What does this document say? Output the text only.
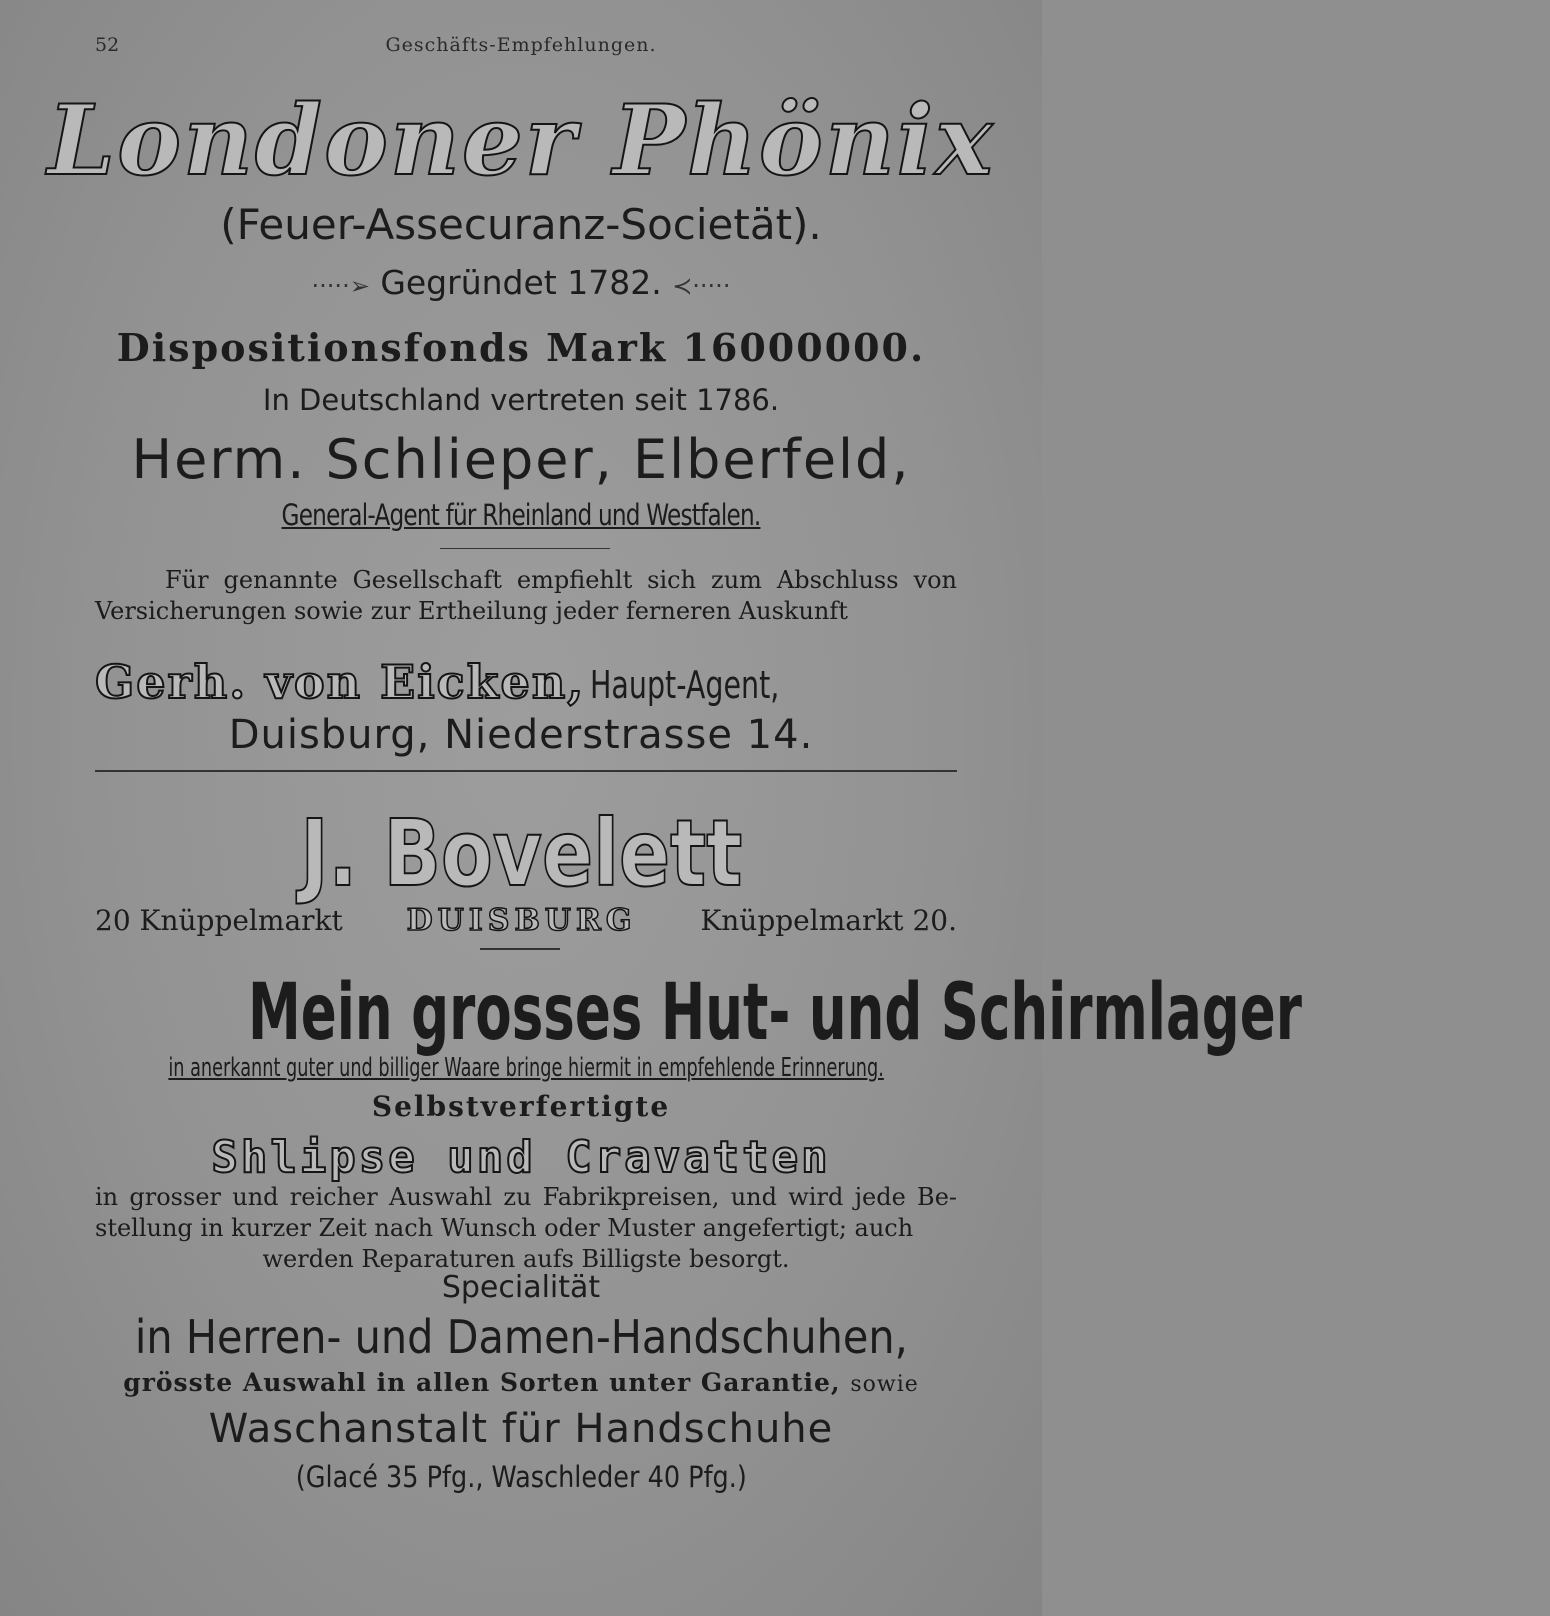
52	Geschäfts-Empfehlungen.
Londoner Phönix
(Feuer-Assecuranz-Societät).
·····➢ Gegründet 1782. ≺·····
Dispositionsfonds Mark 16000000.
In Deutschland vertreten seit 1786.
Herm. Schlieper, Elberfeld,
General-Agent für Rheinland und Westfalen.
Für genannte Gesellschaft empfiehlt sich zum Abschluss von Versicherungen sowie zur Ertheilung jeder ferneren Auskunft
Gerh. von Eicken, Haupt-Agent,
Duisburg, Niederstrasse 14.
J. Bovelett
20 Knüppelmarkt DUISBURG Knüppelmarkt 20.
Mein grosses Hut- und Schirmlager
in anerkannt guter und billiger Waare bringe hiermit in empfehlende Erinnerung.
Selbstverfertigte
Shlipse und Cravatten
in grosser und reicher Auswahl zu Fabrikpreisen, und wird jede Be- stellung in kurzer Zeit nach Wunsch oder Muster angefertigt; auch
werden Reparaturen aufs Billigste besorgt.
Specialität
in Herren- und Damen-Handschuhen,
grösste Auswahl in allen Sorten unter Garantie, sowie
Waschanstalt für Handschuhe
(Glacé 35 Pfg., Waschleder 40 Pfg.)
